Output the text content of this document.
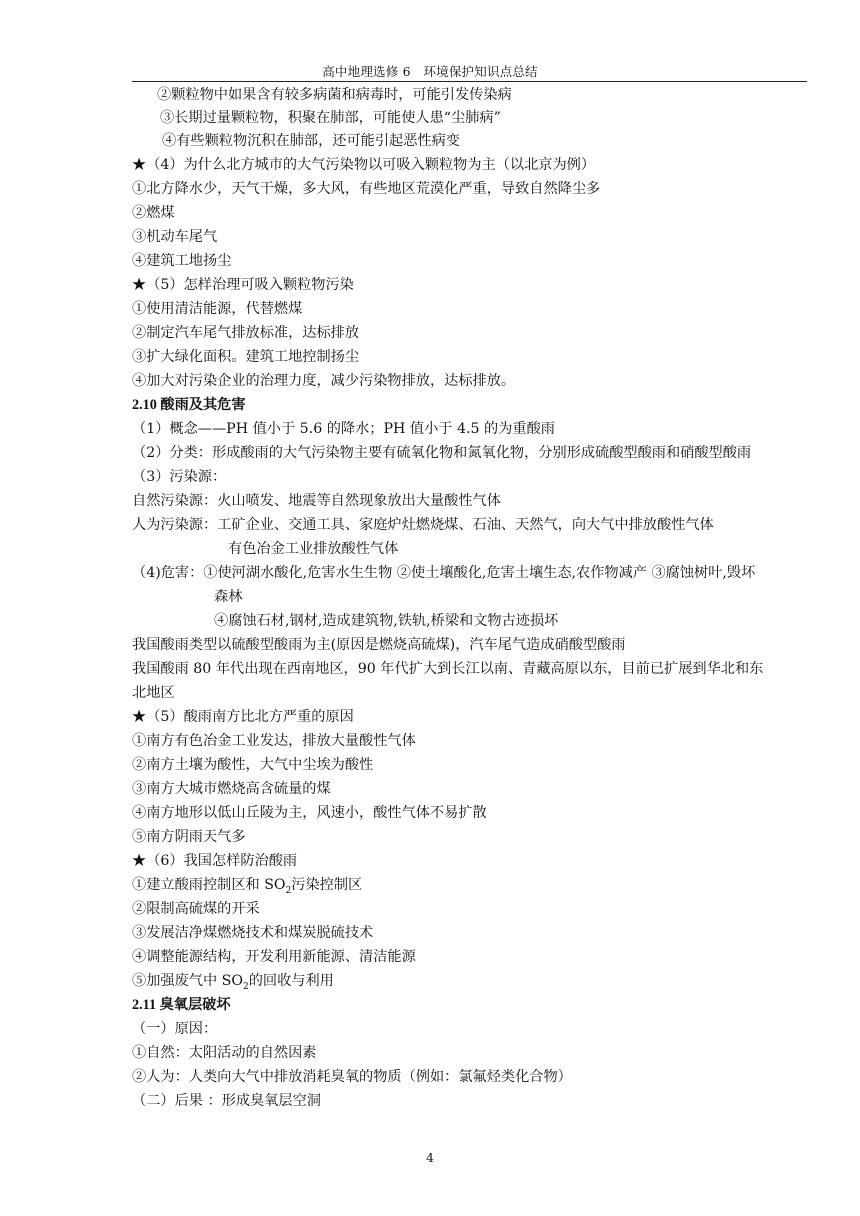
高中地理选修 6　环境保护知识点总结
②颗粒物中如果含有较多病菌和病毒时，可能引发传染病
③长期过量颗粒物，积聚在肺部，可能使人患“尘肺病”
④有些颗粒物沉积在肺部，还可能引起恶性病变
★（4）为什么北方城市的大气污染物以可吸入颗粒物为主（以北京为例）
①北方降水少，天气干燥，多大风，有些地区荒漠化严重，导致自然降尘多
②燃煤
③机动车尾气
④建筑工地扬尘
★（5）怎样治理可吸入颗粒物污染
①使用清洁能源，代替燃煤
②制定汽车尾气排放标准，达标排放
③扩大绿化面积。建筑工地控制扬尘
④加大对污染企业的治理力度，减少污染物排放，达标排放。
2.10 酸雨及其危害
（1）概念——PH 值小于 5.6 的降水；PH 值小于 4.5 的为重酸雨
（2）分类：形成酸雨的大气污染物主要有硫氧化物和氮氧化物，分别形成硫酸型酸雨和硝酸型酸雨
（3）污染源：
自然污染源：火山喷发、地震等自然现象放出大量酸性气体
人为污染源：工矿企业、交通工具、家庭炉灶燃烧煤、石油、天然气，向大气中排放酸性气体
有色冶金工业排放酸性气体
（4)危害：①使河湖水酸化,危害水生生物 ②使土壤酸化,危害土壤生态,农作物减产 ③腐蚀树叶,毁坏
森林
④腐蚀石材,钢材,造成建筑物,铁轨,桥梁和文物古迹损坏
我国酸雨类型以硫酸型酸雨为主(原因是燃烧高硫煤)，汽车尾气造成硝酸型酸雨
我国酸雨 80 年代出现在西南地区，90 年代扩大到长江以南、青藏高原以东，目前已扩展到华北和东
北地区
★（5）酸雨南方比北方严重的原因
①南方有色冶金工业发达，排放大量酸性气体
②南方土壤为酸性，大气中尘埃为酸性
③南方大城市燃烧高含硫量的煤
④南方地形以低山丘陵为主，风速小，酸性气体不易扩散
⑤南方阴雨天气多
★（6）我国怎样防治酸雨
①建立酸雨控制区和 $SO_2$污染控制区
②限制高硫煤的开采
③发展洁净煤燃烧技术和煤炭脱硫技术
④调整能源结构，开发利用新能源、清洁能源
⑤加强废气中 $SO_2$的回收与利用
2.11 臭氧层破坏
（一）原因：
①自然：太阳活动的自然因素
②人为：人类向大气中排放消耗臭氧的物质（例如：氯氟烃类化合物）
（二）后果 ：形成臭氧层空洞
4
